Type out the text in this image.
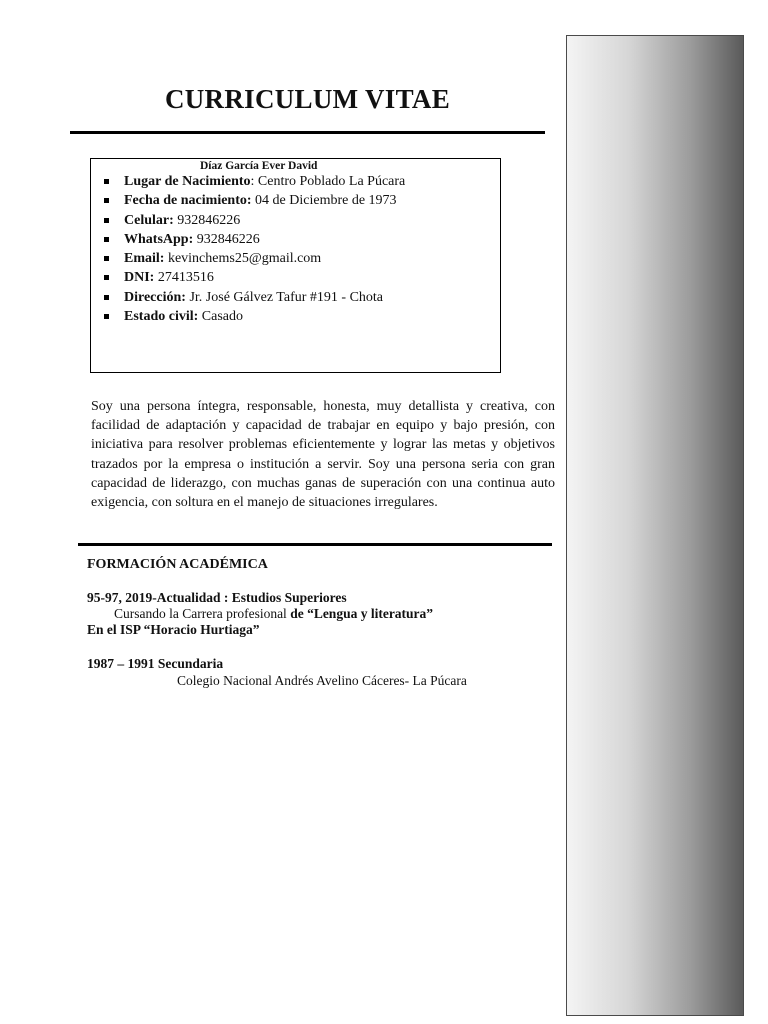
CURRICULUM VITAE
Díaz García Ever David
Lugar de Nacimiento: Centro Poblado La Púcara
Fecha de nacimiento: 04 de Diciembre de 1973
Celular: 932846226
WhatsApp: 932846226
Email: kevinchems25@gmail.com
DNI: 27413516
Dirección: Jr. José Gálvez Tafur #191 - Chota
Estado civil: Casado

Soy una persona íntegra, responsable, honesta, muy detallista y creativa, con facilidad de adaptación y capacidad de trabajar en equipo y bajo presión, con iniciativa para resolver problemas eficientemente y lograr las metas y objetivos trazados por la empresa o institución a servir. Soy una persona seria con gran capacidad de liderazgo, con muchas ganas de superación con una continua auto exigencia, con soltura en el manejo de situaciones irregulares.

FORMACIÓN ACADÉMICA
95-97, 2019-Actualidad : Estudios Superiores
Cursando la Carrera profesional de “Lengua y literatura”
En el ISP “Horacio Hurtiaga”
1987 – 1991 Secundaria
Colegio Nacional Andrés Avelino Cáceres- La Púcara
